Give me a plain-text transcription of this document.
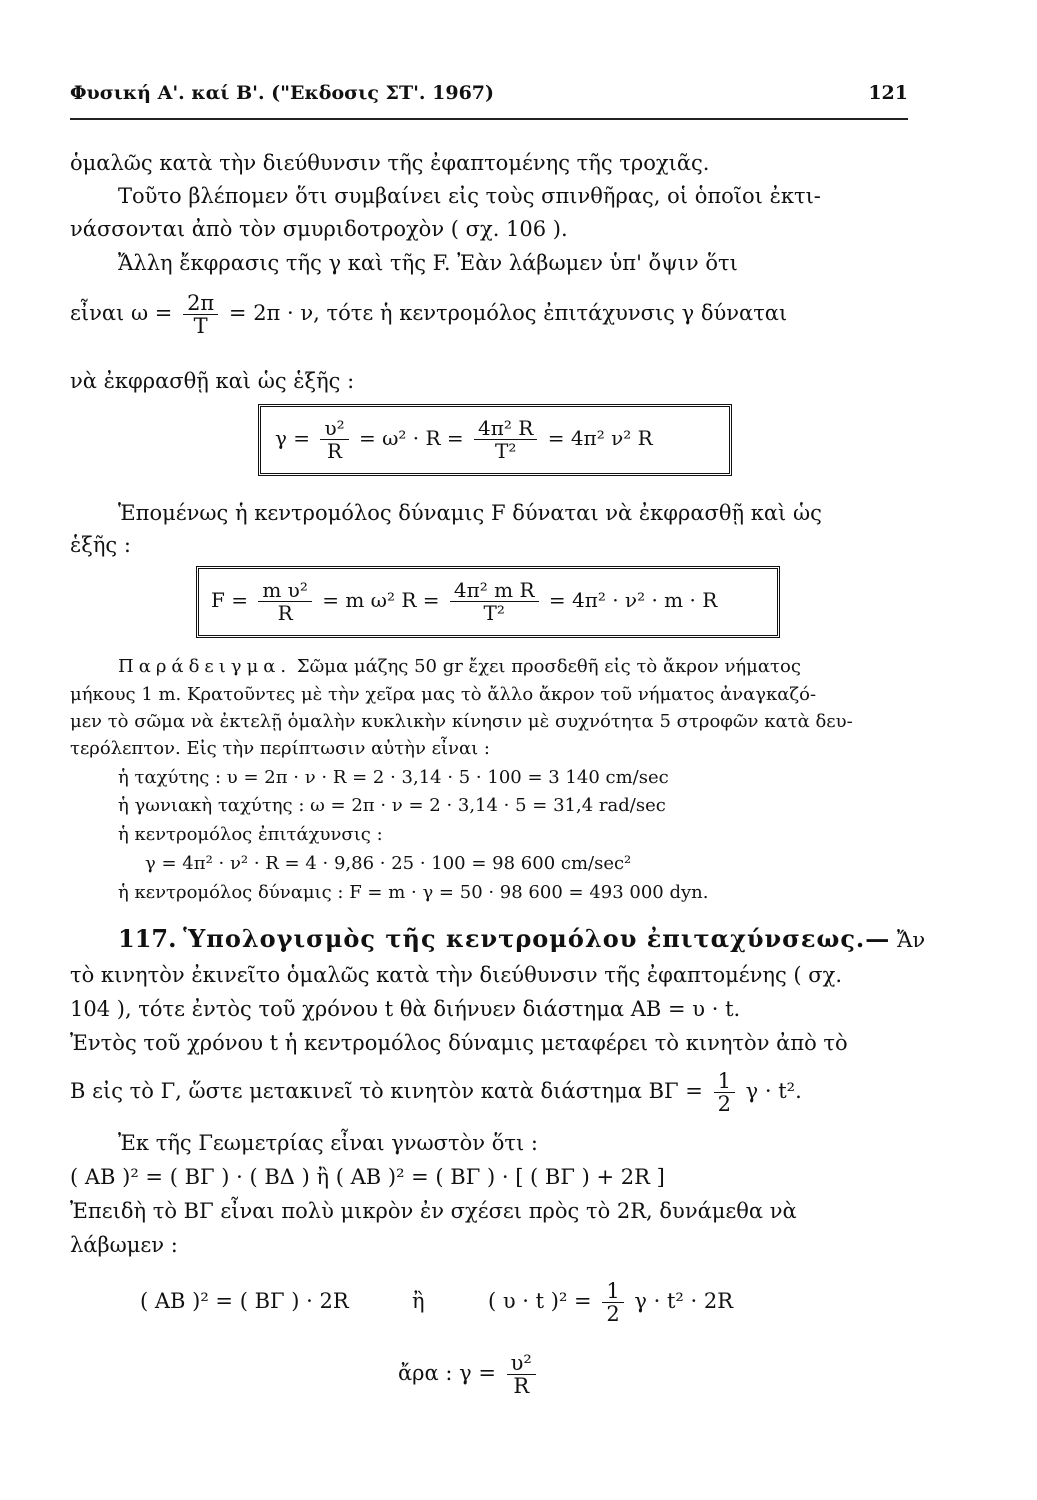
Φυσική Α'. καί Β'. ("Εκδοσις ΣΤ'. 1967)	121
ὁμαλῶς κατὰ τὴν διεύθυνσιν τῆς ἐφαπτομένης τῆς τροχιᾶς.
Τοῦτο βλέπομεν ὅτι συμβαίνει εἰς τοὺς σπινθῆρας, οἱ ὁποῖοι ἐκτι-
νάσσονται ἀπὸ τὸν σμυριδοτροχὸν ( σχ. 106 ).
Ἄλλη ἔκφρασις τῆς γ καὶ τῆς F. Ἐὰν λάβωμεν ὑπ' ὄψιν ὅτι
εἶναι $\omega = \frac{2\pi}{T} = 2\pi \cdot \nu$, τότε ἡ κεντρομόλος ἐπιτάχυνσις γ δύναται
νὰ ἐκφρασθῇ καὶ ὡς ἑξῆς :
$\gamma = \frac{\text{υ²}}{R} = \omega^2 \cdot R = \frac{\text{4π² R}}{\text{T²}} = 4\pi^2$ ν² R
Ἑπομένως ἡ κεντρομόλος δύναμις F δύναται νὰ ἐκφρασθῇ καὶ ὡς
ἑξῆς :
$F = \frac{\text{m υ²}}{R} = m$ ω² $R = \frac{\text{4π² m R}}{\text{T²}} = 4\pi^2 \cdot \nu^2 \cdot m \cdot R$
Παράδειγμα. Σῶμα μάζης 50 gr ἔχει προσδεθῆ εἰς τὸ ἄκρον νήματος
μήκους 1 m. Κρατοῦντες μὲ τὴν χεῖρα μας τὸ ἄλλο ἄκρον τοῦ νήματος ἀναγκαζό-
μεν τὸ σῶμα νὰ ἐκτελῇ ὁμαλὴν κυκλικὴν κίνησιν μὲ συχνότητα 5 στροφῶν κατὰ δευ-
τερόλεπτον. Εἰς τὴν περίπτωσιν αὐτὴν εἶναι :
ἡ ταχύτης : υ = 2π · ν · R = 2 · 3,14 · 5 · 100 = 3 140 cm/sec
ἡ γωνιακὴ ταχύτης : ω = 2π · ν = 2 · 3,14 · 5 = 31,4 rad/sec
ἡ κεντρομόλος ἐπιτάχυνσις :
γ = 4π² · ν² · R = 4 · 9,86 · 25 · 100 = 98 600 cm/sec²
ἡ κεντρομόλος δύναμις : F = m · γ = 50 · 98 600 = 493 000 dyn.
117. Ὑπολογισμὸς τῆς κεντρομόλου ἐπιταχύνσεως.— Ἄν
τὸ κινητὸν ἐκινεῖτο ὁμαλῶς κατὰ τὴν διεύθυνσιν τῆς ἐφαπτομένης ( σχ.
104 ), τότε ἐντὸς τοῦ χρόνου t θὰ διήνυεν διάστημα AB = υ · t.
Ἐντὸς τοῦ χρόνου t ἡ κεντρομόλος δύναμις μεταφέρει τὸ κινητὸν ἀπὸ τὸ
B εἰς τὸ Γ, ὥστε μετακινεῖ τὸ κινητὸν κατὰ διάστημα $B\Gamma = \frac{1}{2}$ γ · t².
Ἐκ τῆς Γεωμετρίας εἶναι γνωστὸν ὅτι :
( AB )² = ( ΒΓ ) · ( ΒΔ ) ἢ ( AB )² = ( ΒΓ ) · [ ( ΒΓ ) + 2R ]
Ἐπειδὴ τὸ ΒΓ εἶναι πολὺ μικρὸν ἐν σχέσει πρὸς τὸ 2R, δυνάμεθα νὰ
λάβωμεν :
( AB )² = ( ΒΓ ) · 2R	ἢ	( υ · t )$^2 = \frac{1}{2}$ γ · t² · 2R
ἄρα : $\gamma = \frac{\text{υ²}}{R}$
